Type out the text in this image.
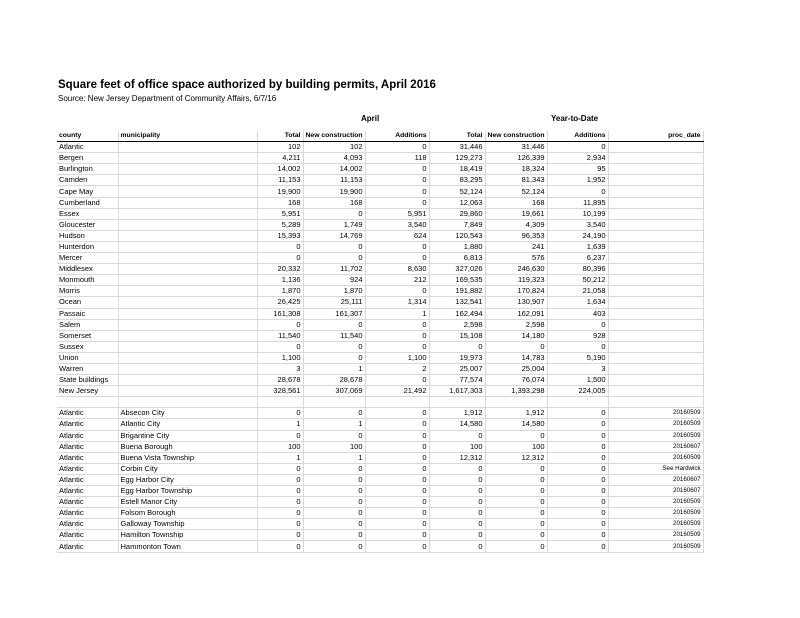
Square feet of office space authorized by building permits, April 2016
Source: New Jersey Department of Community Affairs, 6/7/16
April	Year-to-Date
county	municipality	Total	New construction	Additions	Total	New construction	Additions	proc_date
Atlantic		102	102	0	31,446	31,446	0	
Bergen		4,211	4,093	118	129,273	126,339	2,934	
Burlington		14,002	14,002	0	18,419	18,324	95	
Camden		11,153	11,153	0	83,295	81,343	1,952	
Cape May		19,900	19,900	0	52,124	52,124	0	
Cumberland		168	168	0	12,063	168	11,895	
Essex		5,951	0	5,951	29,860	19,661	10,199	
Gloucester		5,289	1,749	3,540	7,849	4,309	3,540	
Hudson		15,393	14,769	624	120,543	96,353	24,190	
Hunterdon		0	0	0	1,880	241	1,639	
Mercer		0	0	0	6,813	576	6,237	
Middlesex		20,332	11,702	8,630	327,026	246,630	80,396	
Monmouth		1,136	924	212	169,535	119,323	50,212	
Morris		1,870	1,870	0	191,882	170,824	21,058	
Ocean		26,425	25,111	1,314	132,541	130,907	1,634	
Passaic		161,308	161,307	1	162,494	162,091	403	
Salem		0	0	0	2,598	2,598	0	
Somerset		11,540	11,540	0	15,108	14,180	928	
Sussex		0	0	0	0	0	0	
Union		1,100	0	1,100	19,973	14,783	5,190	
Warren		3	1	2	25,007	25,004	3	
State buildings		28,678	28,678	0	77,574	76,074	1,500	
New Jersey		328,561	307,069	21,492	1,617,303	1,393,298	224,005	

Atlantic	Absecon City	0	0	0	1,912	1,912	0	20160509
Atlantic	Atlantic City	1	1	0	14,580	14,580	0	20160509
Atlantic	Brigantine City	0	0	0	0	0	0	20160509
Atlantic	Buena Borough	100	100	0	100	100	0	20160607
Atlantic	Buena Vista Township	1	1	0	12,312	12,312	0	20160509
Atlantic	Corbin City	0	0	0	0	0	0	See Hardwick
Atlantic	Egg Harbor City	0	0	0	0	0	0	20160607
Atlantic	Egg Harbor Township	0	0	0	0	0	0	20160607
Atlantic	Estell Manor City	0	0	0	0	0	0	20160509
Atlantic	Folsom Borough	0	0	0	0	0	0	20160509
Atlantic	Galloway Township	0	0	0	0	0	0	20160509
Atlantic	Hamilton Township	0	0	0	0	0	0	20160509
Atlantic	Hammonton Town	0	0	0	0	0	0	20160509
